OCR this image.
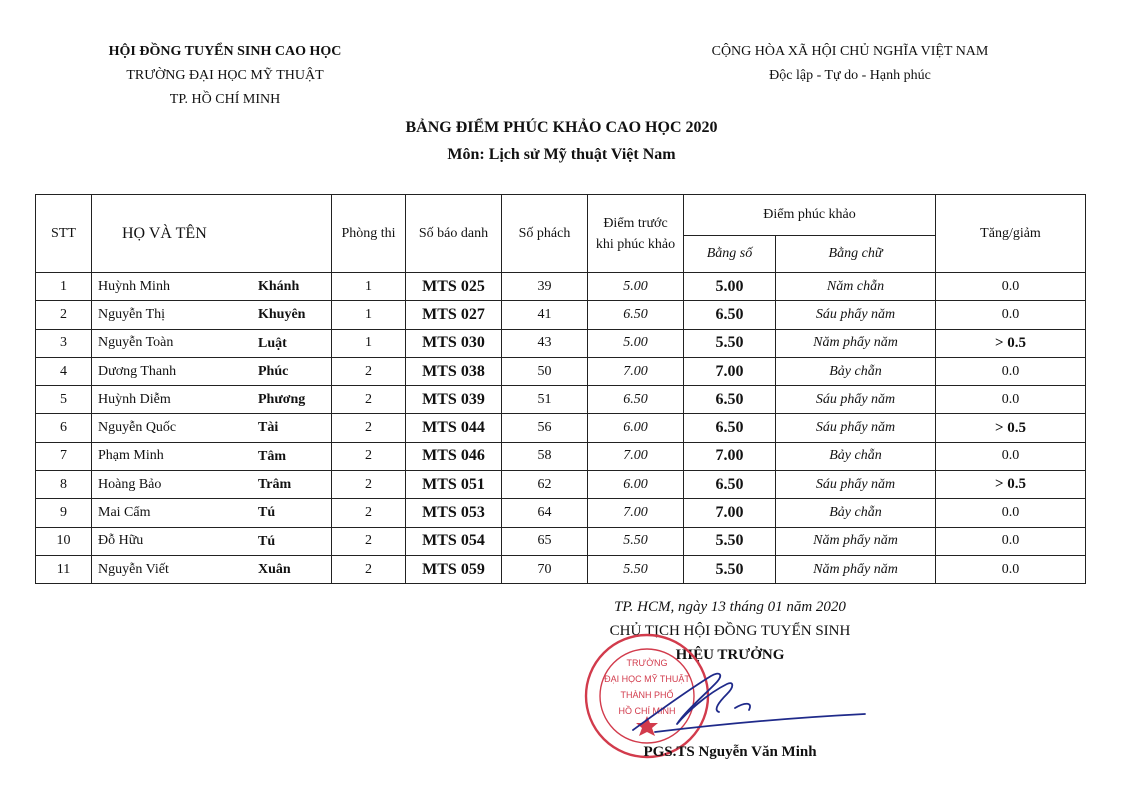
HỘI ĐỒNG TUYỂN SINH CAO HỌC
TRƯỜNG ĐẠI HỌC MỸ THUẬT
TP. HỒ CHÍ MINH
CỘNG HÒA XÃ HỘI CHỦ NGHĨA VIỆT NAM
Độc lập - Tự do - Hạnh phúc
BẢNG ĐIỂM PHÚC KHẢO CAO HỌC 2020
Môn: Lịch sử Mỹ thuật Việt Nam
STT	HỌ VÀ TÊN	Phòng thi	Số báo danh	Số phách	Điểm trước khi phúc khảo	Điểm phúc khảo		Tăng/giảm
						Bằng số	Bằng chữ	
1	Huỳnh Minh Khánh	1	MTS 025	39	5.00	5.00	Năm chẵn	0.0
2	Nguyễn Thị Khuyên	1	MTS 027	41	6.50	6.50	Sáu phẩy năm	0.0
3	Nguyễn Toàn Luật	1	MTS 030	43	5.00	5.50	Năm phẩy năm	> 0.5
4	Dương Thanh Phúc	2	MTS 038	50	7.00	7.00	Bảy chẵn	0.0
5	Huỳnh Diễm Phương	2	MTS 039	51	6.50	6.50	Sáu phẩy năm	0.0
6	Nguyễn Quốc Tài	2	MTS 044	56	6.00	6.50	Sáu phẩy năm	> 0.5
7	Phạm Minh Tâm	2	MTS 046	58	7.00	7.00	Bảy chẵn	0.0
8	Hoàng Bảo Trâm	2	MTS 051	62	6.00	6.50	Sáu phẩy năm	> 0.5
9	Mai Cẩm Tú	2	MTS 053	64	7.00	7.00	Bảy chẵn	0.0
10	Đỗ Hữu Tú	2	MTS 054	65	5.50	5.50	Năm phẩy năm	0.0
11	Nguyễn Viết Xuân	2	MTS 059	70	5.50	5.50	Năm phẩy năm	0.0
TP. HCM, ngày 13 tháng 01 năm 2020
CHỦ TỊCH HỘI ĐỒNG TUYỂN SINH
HIỆU TRƯỞNG
TRƯỜNG
ĐẠI HỌC MỸ THUẬT
THÀNH PHỐ
HỒ CHÍ MINH
PGS.TS Nguyễn Văn Minh
